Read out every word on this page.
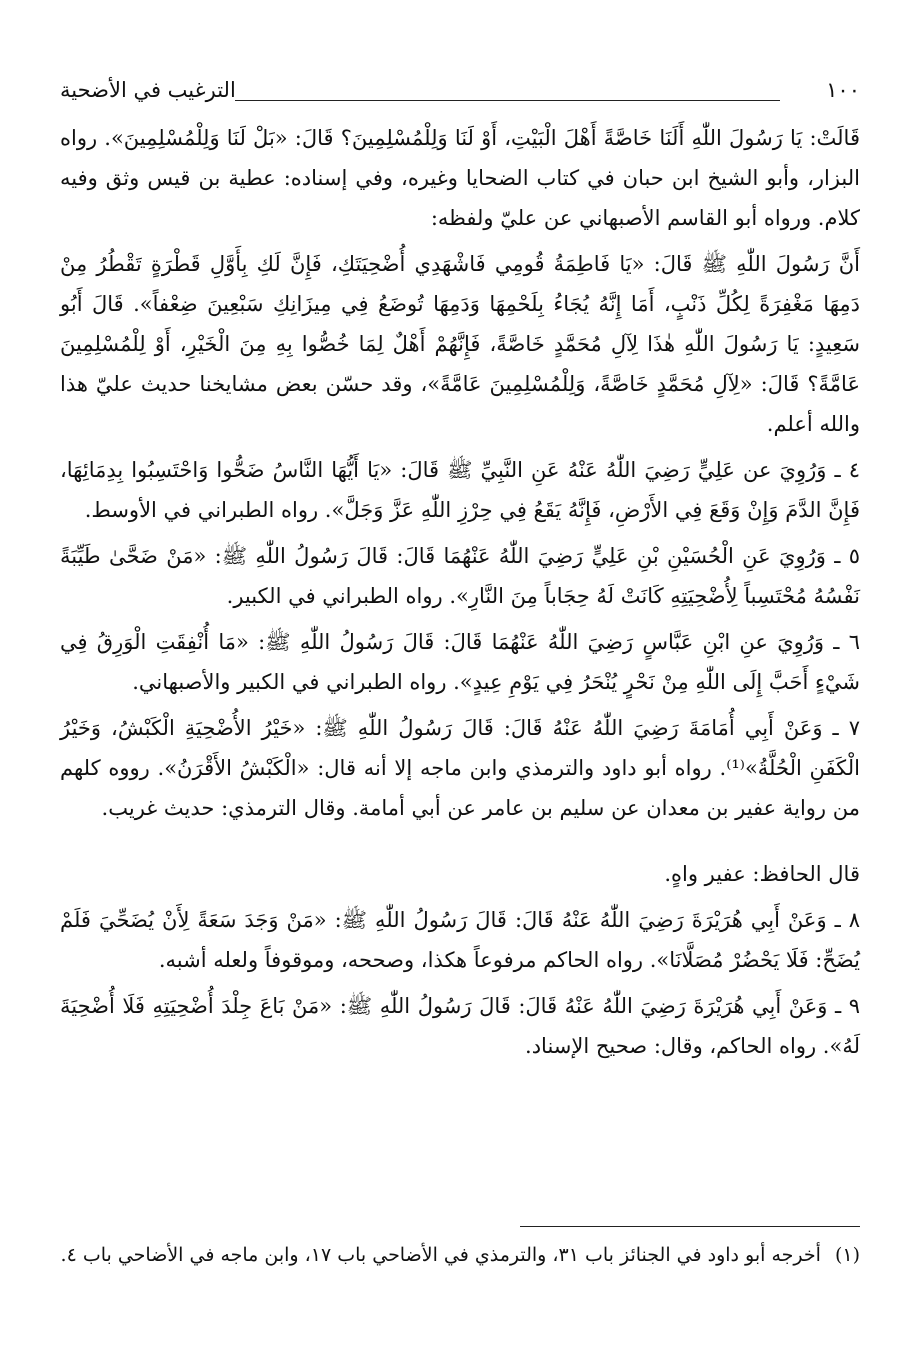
الترغيب في الأضحية	١٠٠

قَالَتْ: يَا رَسُولَ اللّٰهِ أَلَنَا خَاصَّةً أَهْلَ الْبَيْتِ، أَوْ لَنَا وَلِلْمُسْلِمِينَ؟ قَالَ: «بَلْ لَنَا وَلِلْمُسْلِمِينَ». رواه البزار، وأبو الشيخ ابن حبان في كتاب الضحايا وغيره، وفي إسناده: عطية بن قيس وثق وفيه كلام. ورواه أبو القاسم الأصبهاني عن عليّ ولفظه:

أَنَّ رَسُولَ اللّٰهِ ﷺ قَالَ: «يَا فَاطِمَةُ قُومِي فَاشْهَدِي أُضْحِيَتَكِ، فَإِنَّ لَكِ بِأَوَّلِ قَطْرَةٍ تَقْطُرُ مِنْ دَمِهَا مَغْفِرَةً لِكُلِّ ذَنْبٍ، أَمَا إِنَّهُ يُجَاءُ بِلَحْمِهَا وَدَمِهَا تُوضَعُ فِي مِيزَانِكِ سَبْعِينَ ضِعْفاً». قَالَ أَبُو سَعِيدٍ: يَا رَسُولَ اللّٰهِ هٰذَا لِآلِ مُحَمَّدٍ خَاصَّةً، فَإِنَّهُمْ أَهْلٌ لِمَا خُصُّوا بِهِ مِنَ الْخَيْرِ، أَوْ لِلْمُسْلِمِينَ عَامَّةً؟ قَالَ: «لِآلِ مُحَمَّدٍ خَاصَّةً، وَلِلْمُسْلِمِينَ عَامَّةً»، وقد حسّن بعض مشايخنا حديث عليّ هذا والله أعلم.

٤ ـ وَرُوِيَ عن عَلِيٍّ رَضِيَ اللّٰهُ عَنْهُ عَنِ النَّبِيِّ ﷺ قَالَ: «يَا أَيُّهَا النَّاسُ ضَحُّوا وَاحْتَسِبُوا بِدِمَائِهَا، فَإِنَّ الدَّمَ وَإِنْ وَقَعَ فِي الأَرْضِ، فَإِنَّهُ يَقَعُ فِي حِرْزِ اللّٰهِ عَزَّ وَجَلَّ». رواه الطبراني في الأوسط.

٥ ـ وَرُوِيَ عَنِ الْحُسَيْنِ بْنِ عَلِيٍّ رَضِيَ اللّٰهُ عَنْهُمَا قَالَ: قَالَ رَسُولُ اللّٰهِ ﷺ: «مَنْ ضَحَّىٰ طَيِّبَةً نَفْسُهُ مُحْتَسِباً لِأُضْحِيَتِهِ كَانَتْ لَهُ حِجَاباً مِنَ النَّارِ». رواه الطبراني في الكبير.

٦ ـ وَرُوِيَ عنِ ابْنِ عَبَّاسٍ رَضِيَ اللّٰهُ عَنْهُمَا قَالَ: قَالَ رَسُولُ اللّٰهِ ﷺ: «مَا أُنْفِقَتِ الْوَرِقُ فِي شَيْءٍ أَحَبَّ إِلَى اللّٰهِ مِنْ نَحْرٍ يُنْحَرُ فِي يَوْمِ عِيدٍ». رواه الطبراني في الكبير والأصبهاني.

٧ ـ وَعَنْ أَبِي أُمَامَةَ رَضِيَ اللّٰهُ عَنْهُ قَالَ: قَالَ رَسُولُ اللّٰهِ ﷺ: «خَيْرُ الأُضْحِيَةِ الْكَبْشُ، وَخَيْرُ الْكَفَنِ الْحُلَّةُ»⁽¹⁾. رواه أبو داود والترمذي وابن ماجه إلا أنه قال: «الْكَبْشُ الأَقْرَنُ». رووه كلهم من رواية عفير بن معدان عن سليم بن عامر عن أبي أمامة. وقال الترمذي: حديث غريب.

قال الحافظ: عفير واهٍ.

٨ ـ وَعَنْ أَبِي هُرَيْرَةَ رَضِيَ اللّٰهُ عَنْهُ قَالَ: قَالَ رَسُولُ اللّٰهِ ﷺ: «مَنْ وَجَدَ سَعَةً لِأَنْ يُضَحِّيَ فَلَمْ يُضَحِّ: فَلَا يَحْضُرْ مُصَلَّانَا». رواه الحاكم مرفوعاً هكذا، وصححه، وموقوفاً ولعله أشبه.

٩ ـ وَعَنْ أَبِي هُرَيْرَةَ رَضِيَ اللّٰهُ عَنْهُ قَالَ: قَالَ رَسُولُ اللّٰهِ ﷺ: «مَنْ بَاعَ جِلْدَ أُضْحِيَتِهِ فَلَا أُضْحِيَةَ لَهُ». رواه الحاكم، وقال: صحيح الإسناد.

(١) أخرجه أبو داود في الجنائز باب ٣١، والترمذي في الأضاحي باب ١٧، وابن ماجه في الأضاحي باب ٤.
